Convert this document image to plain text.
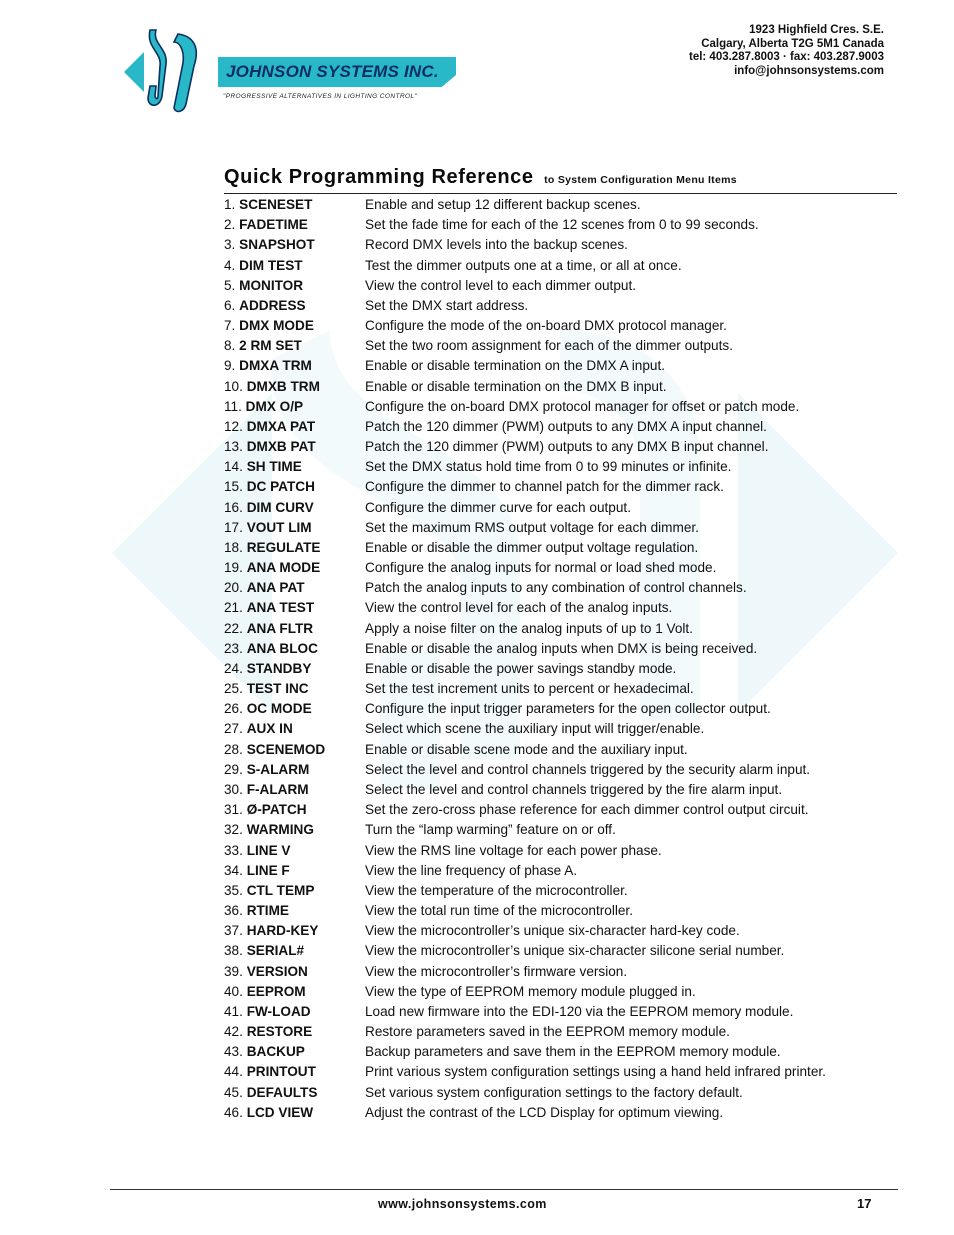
JOHNSON SYSTEMS INC.
"PROGRESSIVE ALTERNATIVES IN LIGHTING CONTROL"
1923 Highfield Cres. S.E.
Calgary, Alberta T2G 5M1 Canada
tel: 403.287.8003 · fax: 403.287.9003
info@johnsonsystems.com
Quick Programming Reference to System Configuration Menu Items
1. SCENESET	Enable and setup 12 different backup scenes.
2. FADETIME	Set the fade time for each of the 12 scenes from 0 to 99 seconds.
3. SNAPSHOT	Record DMX levels into the backup scenes.
4. DIM TEST	Test the dimmer outputs one at a time, or all at once.
5. MONITOR	View the control level to each dimmer output.
6. ADDRESS	Set the DMX start address.
7. DMX MODE	Configure the mode of the on-board DMX protocol manager.
8. 2 RM SET	Set the two room assignment for each of the dimmer outputs.
9. DMXA TRM	Enable or disable termination on the DMX A input.
10. DMXB TRM	Enable or disable termination on the DMX B input.
11. DMX O/P	Configure the on-board DMX protocol manager for offset or patch mode.
12. DMXA PAT	Patch the 120 dimmer (PWM) outputs to any DMX A input channel.
13. DMXB PAT	Patch the 120 dimmer (PWM) outputs to any DMX B input channel.
14. SH TIME	Set the DMX status hold time from 0 to 99 minutes or infinite.
15. DC PATCH	Configure the dimmer to channel patch for the dimmer rack.
16. DIM CURV	Configure the dimmer curve for each output.
17. VOUT LIM	Set the maximum RMS output voltage for each dimmer.
18. REGULATE	Enable or disable the dimmer output voltage regulation.
19. ANA MODE	Configure the analog inputs for normal or load shed mode.
20. ANA PAT	Patch the analog inputs to any combination of control channels.
21. ANA TEST	View the control level for each of the analog inputs.
22. ANA FLTR	Apply a noise filter on the analog inputs of up to 1 Volt.
23. ANA BLOC	Enable or disable the analog inputs when DMX is being received.
24. STANDBY	Enable or disable the power savings standby mode.
25. TEST INC	Set the test increment units to percent or hexadecimal.
26. OC MODE	Configure the input trigger parameters for the open collector output.
27. AUX IN	Select which scene the auxiliary input will trigger/enable.
28. SCENEMOD	Enable or disable scene mode and the auxiliary input.
29. S-ALARM	Select the level and control channels triggered by the security alarm input.
30. F-ALARM	Select the level and control channels triggered by the fire alarm input.
31. Ø-PATCH	Set the zero-cross phase reference for each dimmer control output circuit.
32. WARMING	Turn the “lamp warming” feature on or off.
33. LINE V	View the RMS line voltage for each power phase.
34. LINE F	View the line frequency of phase A.
35. CTL TEMP	View the temperature of the microcontroller.
36. RTIME	View the total run time of the microcontroller.
37. HARD-KEY	View the microcontroller’s unique six-character hard-key code.
38. SERIAL#	View the microcontroller’s unique six-character silicone serial number.
39. VERSION	View the microcontroller’s firmware version.
40. EEPROM	View the type of EEPROM memory module plugged in.
41. FW-LOAD	Load new firmware into the EDI-120 via the EEPROM memory module.
42. RESTORE	Restore parameters saved in the EEPROM memory module.
43. BACKUP	Backup parameters and save them in the EEPROM memory module.
44. PRINTOUT	Print various system configuration settings using a hand held infrared printer.
45. DEFAULTS	Set various system configuration settings to the factory default.
46. LCD VIEW	Adjust the contrast of the LCD Display for optimum viewing.
www.johnsonsystems.com	17
